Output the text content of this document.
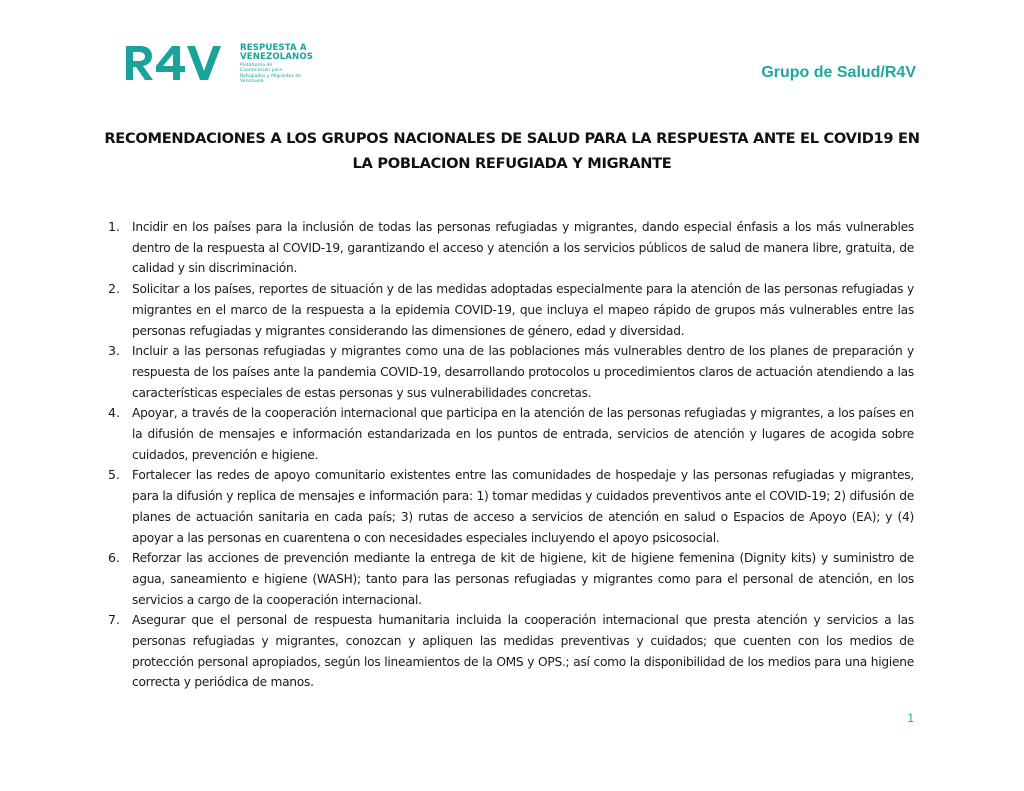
RESPUESTA A
VENEZOLANOS
Plataforma de Coordinación para Refugiados y Migrantes de Venezuela
Grupo de Salud/R4V
RECOMENDACIONES A LOS GRUPOS NACIONALES DE SALUD PARA LA RESPUESTA ANTE EL COVID19 EN LA POBLACION REFUGIADA Y MIGRANTE
1. Incidir en los países para la inclusión de todas las personas refugiadas y migrantes, dando especial énfasis a los más vulnerables dentro de la respuesta al COVID-19, garantizando el acceso y atención a los servicios públicos de salud de manera libre, gratuita, de calidad y sin discriminación.
2. Solicitar a los países, reportes de situación y de las medidas adoptadas especialmente para la atención de las personas refugiadas y migrantes en el marco de la respuesta a la epidemia COVID-19, que incluya el mapeo rápido de grupos más vulnerables entre las personas refugiadas y migrantes considerando las dimensiones de género, edad y diversidad.
3. Incluir a las personas refugiadas y migrantes como una de las poblaciones más vulnerables dentro de los planes de preparación y respuesta de los países ante la pandemia COVID-19, desarrollando protocolos u procedimientos claros de actuación atendiendo a las características especiales de estas personas y sus vulnerabilidades concretas.
4. Apoyar, a través de la cooperación internacional que participa en la atención de las personas refugiadas y migrantes, a los países en la difusión de mensajes e información estandarizada en los puntos de entrada, servicios de atención y lugares de acogida sobre cuidados, prevención e higiene.
5. Fortalecer las redes de apoyo comunitario existentes entre las comunidades de hospedaje y las personas refugiadas y migrantes, para la difusión y replica de mensajes e información para: 1) tomar medidas y cuidados preventivos ante el COVID-19; 2) difusión de planes de actuación sanitaria en cada país; 3) rutas de acceso a servicios de atención en salud o Espacios de Apoyo (EA); y (4) apoyar a las personas en cuarentena o con necesidades especiales incluyendo el apoyo psicosocial.
6. Reforzar las acciones de prevención mediante la entrega de kit de higiene, kit de higiene femenina (Dignity kits) y suministro de agua, saneamiento e higiene (WASH); tanto para las personas refugiadas y migrantes como para el personal de atención, en los servicios a cargo de la cooperación internacional.
7. Asegurar que el personal de respuesta humanitaria incluida la cooperación internacional que presta atención y servicios a las personas refugiadas y migrantes, conozcan y apliquen las medidas preventivas y cuidados; que cuenten con los medios de protección personal apropiados, según los lineamientos de la OMS y OPS.; así como la disponibilidad de los medios para una higiene correcta y periódica de manos.
1
